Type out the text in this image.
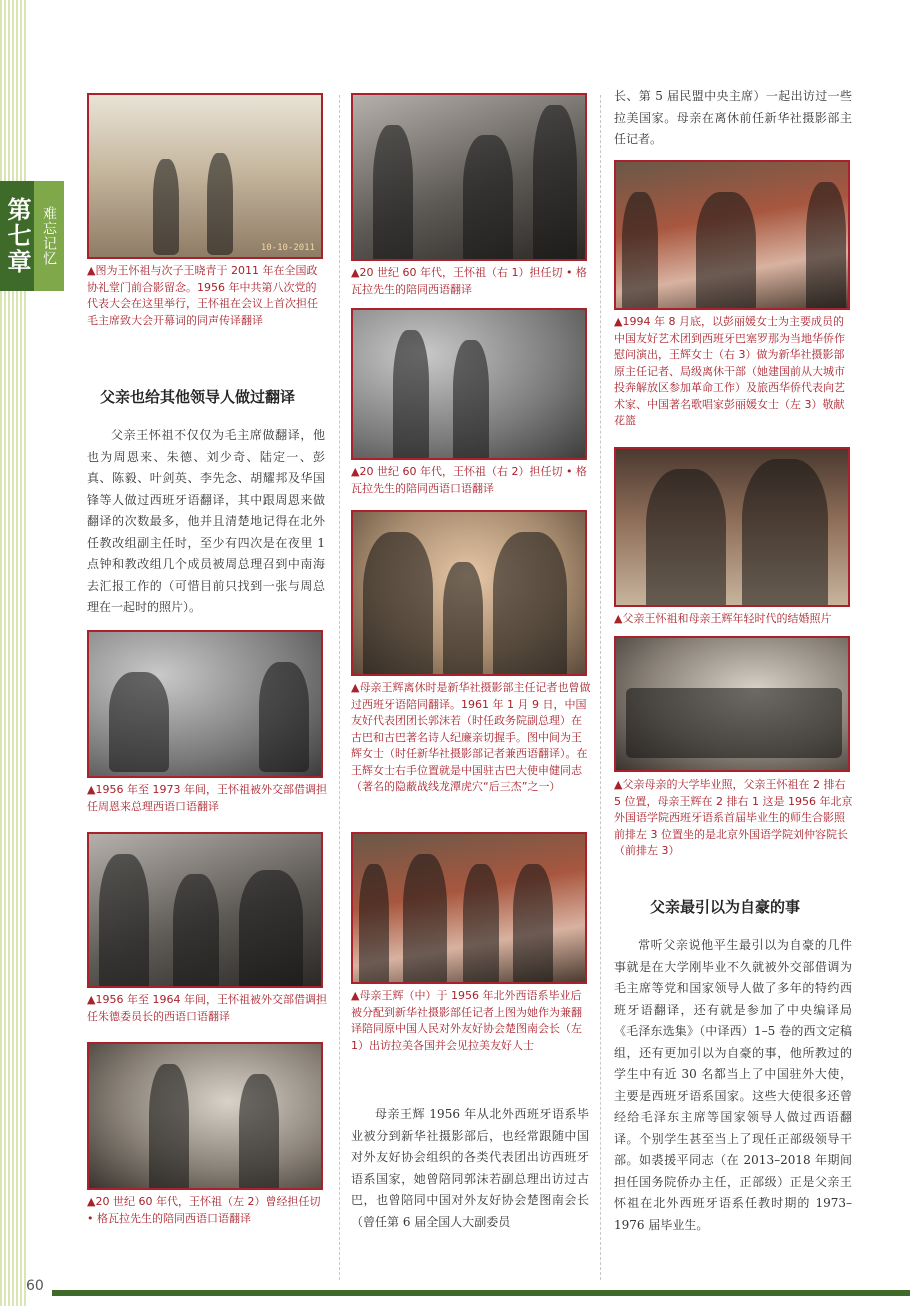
第七章 难忘记忆	10-10-2011
▲图为王怀祖与次子王晓青于 2011 年在全国政协礼堂门前合影留念。1956 年中共第八次党的代表大会在这里举行，王怀祖在会议上首次担任毛主席致大会开幕词的同声传译翻译
父亲也给其他领导人做过翻译
父亲王怀祖不仅仅为毛主席做翻译，他也为周恩来、朱德、刘少奇、陆定一、彭真、陈毅、叶剑英、李先念、胡耀邦及华国锋等人做过西班牙语翻译，其中跟周恩来做翻译的次数最多，他并且清楚地记得在北外任教改组副主任时，至少有四次是在夜里 1 点钟和教改组几个成员被周总理召到中南海去汇报工作的（可惜目前只找到一张与周总理在一起时的照片）。
▲1956 年至 1973 年间，王怀祖被外交部借调担任周恩来总理西语口语翻译
▲1956 年至 1964 年间，王怀祖被外交部借调担任朱德委员长的西语口语翻译
▲20 世纪 60 年代，王怀祖（左 2）曾经担任切 • 格瓦拉先生的陪同西语口语翻译
▲20 世纪 60 年代，王怀祖（右 1）担任切 • 格瓦拉先生的陪同西语翻译
▲20 世纪 60 年代，王怀祖（右 2）担任切 • 格瓦拉先生的陪同西语口语翻译
▲母亲王辉离休时是新华社摄影部主任记者也曾做过西班牙语陪同翻译。1961 年 1 月 9 日，中国友好代表团团长郭沫若（时任政务院副总理）在古巴和古巴著名诗人纪廉亲切握手。图中间为王辉女士（时任新华社摄影部记者兼西语翻译）。在王辉女士右手位置就是中国驻古巴大使申健同志（著名的隐蔽战线龙潭虎穴“后三杰”之一）
▲母亲王辉（中）于 1956 年北外西语系毕业后被分配到新华社摄影部任记者上图为她作为兼翻译陪同原中国人民对外友好协会楚图南会长（左 1）出访拉美各国并会见拉美友好人士
母亲王辉 1956 年从北外西班牙语系毕业被分到新华社摄影部后，也经常跟随中国对外友好协会组织的各类代表团出访西班牙语系国家，她曾陪同郭沫若副总理出访过古巴，也曾陪同中国对外友好协会楚图南会长（曾任第 6 届全国人大副委员
长、第 5 届民盟中央主席）一起出访过一些拉美国家。母亲在离休前任新华社摄影部主任记者。
▲1994 年 8 月底，以彭丽媛女士为主要成员的中国友好艺术团到西班牙巴塞罗那为当地华侨作慰问演出，王辉女士（右 3）做为新华社摄影部原主任记者、局级离休干部（她建国前从大城市投奔解放区参加革命工作）及旅西华侨代表向艺术家、中国著名歌唱家彭丽媛女士（左 3）敬献花篮
▲父亲王怀祖和母亲王辉年轻时代的结婚照片
▲父亲母亲的大学毕业照，父亲王怀祖在 2 排右 5 位置，母亲王辉在 2 排右 1 这是 1956 年北京外国语学院西班牙语系首届毕业生的师生合影照前排左 3 位置坐的是北京外国语学院刘仲容院长（前排左 3）
父亲最引以为自豪的事
常听父亲说他平生最引以为自豪的几件事就是在大学刚毕业不久就被外交部借调为毛主席等党和国家领导人做了多年的特约西班牙语翻译，还有就是参加了中央编译局《毛泽东选集》（中译西）1–5 卷的西文定稿组，还有更加引以为自豪的事，他所教过的学生中有近 30 名都当上了中国驻外大使，主要是西班牙语系国家。这些大使很多还曾经给毛泽东主席等国家领导人做过西语翻译。个别学生甚至当上了现任正部级领导干部。如裘援平同志（在 2013–2018 年期间担任国务院侨办主任，正部级）正是父亲王怀祖在北外西班牙语系任教时期的 1973–1976 届毕业生。
60
